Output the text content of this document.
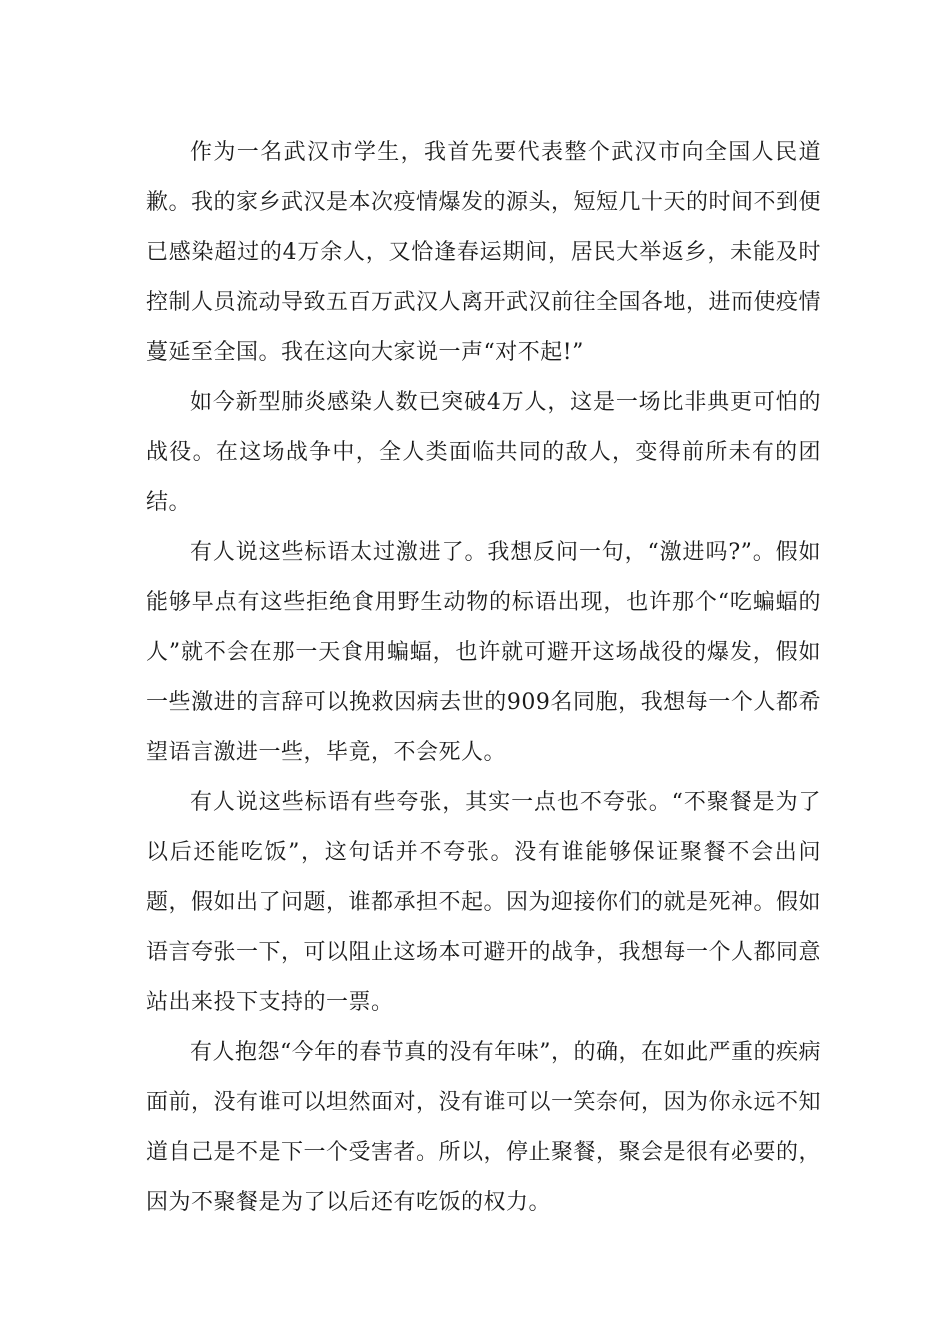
作为一名武汉市学生，我首先要代表整个武汉市向全国人民道歉。我的家乡武汉是本次疫情爆发的源头，短短几十天的时间不到便已感染超过的4万余人，又恰逢春运期间，居民大举返乡，未能及时控制人员流动导致五百万武汉人离开武汉前往全国各地，进而使疫情蔓延至全国。我在这向大家说一声“对不起!”

如今新型肺炎感染人数已突破4万人，这是一场比非典更可怕的战役。在这场战争中，全人类面临共同的敌人，变得前所未有的团结。

有人说这些标语太过激进了。我想反问一句，“激进吗?”。假如能够早点有这些拒绝食用野生动物的标语出现，也许那个“吃蝙蝠的人”就不会在那一天食用蝙蝠，也许就可避开这场战役的爆发，假如一些激进的言辞可以挽救因病去世的909名同胞，我想每一个人都希望语言激进一些，毕竟，不会死人。

有人说这些标语有些夸张，其实一点也不夸张。“不聚餐是为了以后还能吃饭”，这句话并不夸张。没有谁能够保证聚餐不会出问题，假如出了问题，谁都承担不起。因为迎接你们的就是死神。假如语言夸张一下，可以阻止这场本可避开的战争，我想每一个人都同意站出来投下支持的一票。

有人抱怨“今年的春节真的没有年味”，的确，在如此严重的疾病面前，没有谁可以坦然面对，没有谁可以一笑奈何，因为你永远不知道自己是不是下一个受害者。所以，停止聚餐，聚会是很有必要的，因为不聚餐是为了以后还有吃饭的权力。
